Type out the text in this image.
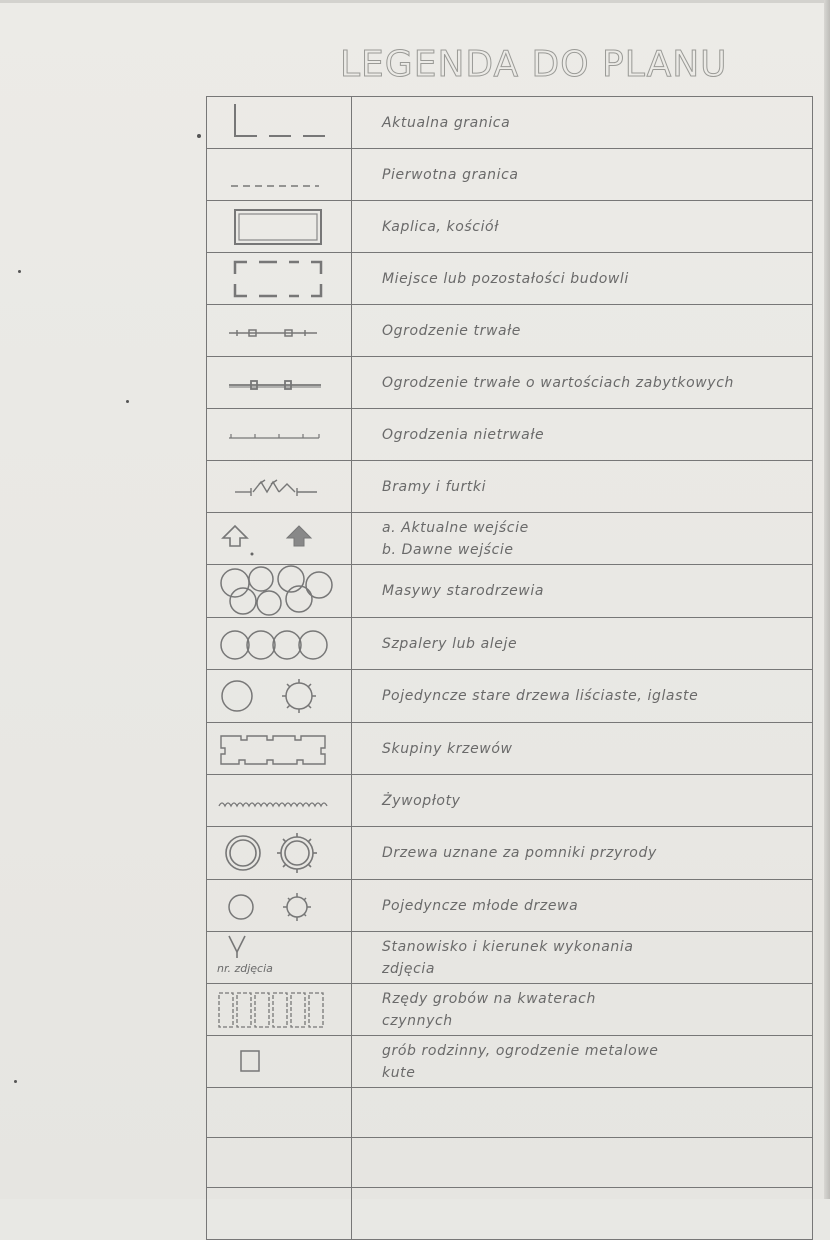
LEGENDA DO PLANU

Aktualna granica

Pierwotna granica

Kaplica, kościół

Miejsce lub pozostałości budowli

Ogrodzenie trwałe

Ogrodzenie trwałe o wartościach zabytkowych

Ogrodzenia nietrwałe

Bramy i furtki

a. Aktualne wejście
b. Dawne wejście

Masywy starodrzewia

Szpalery lub aleje

Pojedyncze stare drzewa liściaste, iglaste

Skupiny krzewów

Żywopłoty

Drzewa uznane za pomniki przyrody

Pojedyncze młode drzewa

nr. zdjęcia	Stanowisko i kierunek wykonania
zdjęcia

Rzędy grobów na kwaterach
czynnych

grób rodzinny, ogrodzenie metalowe
kute
